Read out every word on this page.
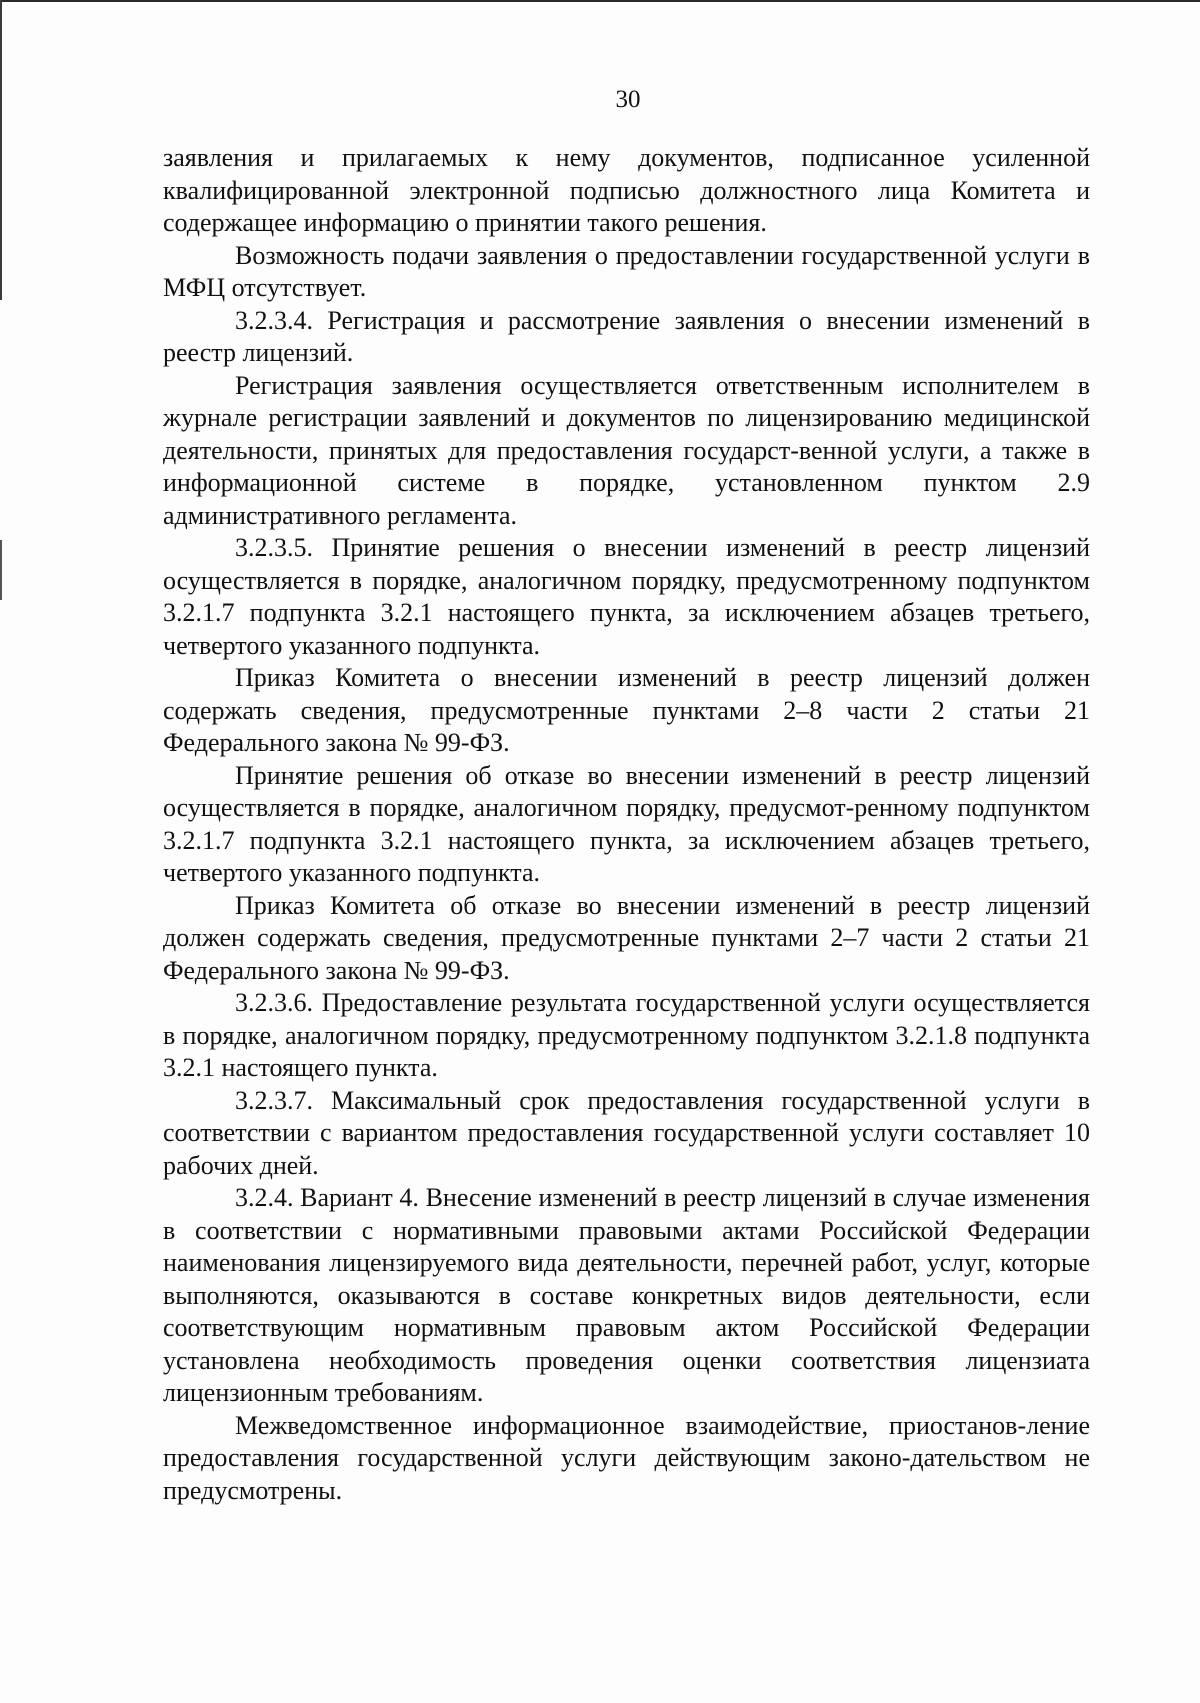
30

заявления и прилагаемых к нему документов, подписанное усиленной квалифицированной электронной подписью должностного лица Комитета и содержащее информацию о принятии такого решения.

Возможность подачи заявления о предоставлении государственной услуги в МФЦ отсутствует.

3.2.3.4. Регистрация и рассмотрение заявления о внесении изменений в реестр лицензий.

Регистрация заявления осуществляется ответственным исполнителем в журнале регистрации заявлений и документов по лицензированию медицинской деятельности, принятых для предоставления государст-венной услуги, а также в информационной системе в порядке, установленном пунктом 2.9 административного регламента.

3.2.3.5. Принятие решения о внесении изменений в реестр лицензий осуществляется в порядке, аналогичном порядку, предусмотренному подпунктом 3.2.1.7 подпункта 3.2.1 настоящего пункта, за исключением абзацев третьего, четвертого указанного подпункта.

Приказ Комитета о внесении изменений в реестр лицензий должен содержать сведения, предусмотренные пунктами 2–8 части 2 статьи 21 Федерального закона № 99-ФЗ.

Принятие решения об отказе во внесении изменений в реестр лицензий осуществляется в порядке, аналогичном порядку, предусмот-ренному подпунктом 3.2.1.7 подпункта 3.2.1 настоящего пункта, за исключением абзацев третьего, четвертого указанного подпункта.

Приказ Комитета об отказе во внесении изменений в реестр лицензий должен содержать сведения, предусмотренные пунктами 2–7 части 2 статьи 21 Федерального закона № 99-ФЗ.

3.2.3.6. Предоставление результата государственной услуги осуществляется в порядке, аналогичном порядку, предусмотренному подпунктом 3.2.1.8 подпункта 3.2.1 настоящего пункта.

3.2.3.7. Максимальный срок предоставления государственной услуги в соответствии с вариантом предоставления государственной услуги составляет 10 рабочих дней.

3.2.4. Вариант 4. Внесение изменений в реестр лицензий в случае изменения в соответствии с нормативными правовыми актами Российской Федерации наименования лицензируемого вида деятельности, перечней работ, услуг, которые выполняются, оказываются в составе конкретных видов деятельности, если соответствующим нормативным правовым актом Российской Федерации установлена необходимость проведения оценки соответствия лицензиата лицензионным требованиям.

Межведомственное информационное взаимодействие, приостанов-ление предоставления государственной услуги действующим законо-дательством не предусмотрены.
